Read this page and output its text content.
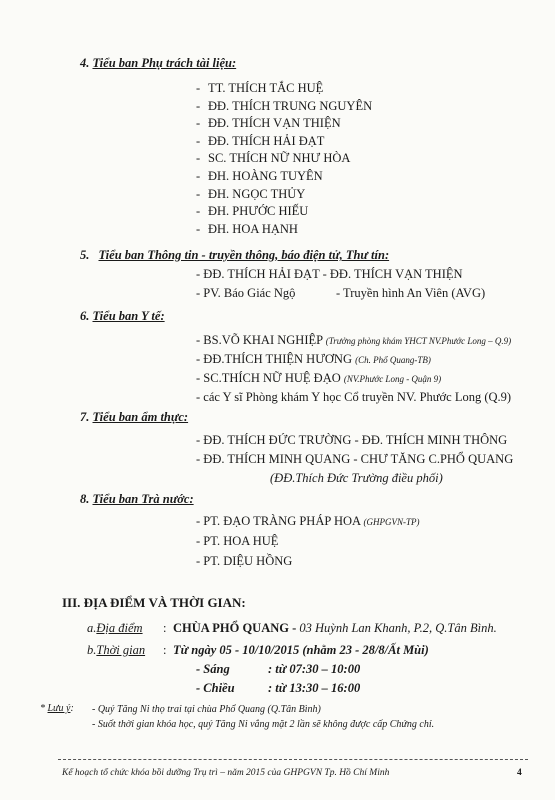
4. Tiểu ban Phụ trách tài liệu:
- TT. THÍCH TẮC HUỆ
- ĐĐ. THÍCH TRUNG NGUYÊN
- ĐĐ. THÍCH VẠN THIỆN
- ĐĐ. THÍCH HẢI ĐẠT
- SC. THÍCH NỮ NHƯ HÒA
- ĐH. HOÀNG TUYÊN
- ĐH. NGỌC THỦY
- ĐH. PHƯỚC HIẾU
- ĐH. HOA HẠNH
5. Tiểu ban Thông tin - truyền thông, báo điện tử, Thư tín:
- ĐĐ. THÍCH HẢI ĐẠT - ĐĐ. THÍCH VẠN THIỆN
- PV. Báo Giác Ngộ	- Truyền hình An Viên (AVG)
6. Tiểu ban Y tế:
- BS.VÕ KHAI NGHIỆP (Trưởng phòng khám YHCT NV.Phước Long – Q.9)
- ĐĐ.THÍCH THIỆN HƯƠNG (Ch. Phổ Quang-TB)
- SC.THÍCH NỮ HUỆ ĐẠO (NV.Phước Long - Quận 9)
- các Y sĩ Phòng khám Y học Cổ truyền NV. Phước Long (Q.9)
7. Tiểu ban ẩm thực:
- ĐĐ. THÍCH ĐỨC TRƯỜNG - ĐĐ. THÍCH MINH THÔNG
- ĐĐ. THÍCH MINH QUANG - CHƯ TĂNG C.PHỔ QUANG
(ĐĐ.Thích Đức Trường điều phối)
8. Tiểu ban Trà nước:
- PT. ĐẠO TRÀNG PHÁP HOA (GHPGVN-TP)
- PT. HOA HUỆ
- PT. DIỆU HỒNG
III. ĐỊA ĐIỂM VÀ THỜI GIAN:
a.Địa điểm : CHÙA PHỔ QUANG - 03 Huỳnh Lan Khanh, P.2, Q.Tân Bình.
b.Thời gian : Từ ngày 05 - 10/10/2015 (nhằm 23 - 28/8/Ất Mùi)
- Sáng	: từ 07:30 – 10:00
- Chiều	: từ 13:30 – 16:00
* Lưu ý: - Quý Tăng Ni thọ trai tại chùa Phổ Quang (Q.Tân Bình)
- Suốt thời gian khóa học, quý Tăng Ni vắng mặt 2 lần sẽ không được cấp Chứng chỉ.
Kế hoạch tổ chức khóa bồi dưỡng Trụ trì – năm 2015 của GHPGVN Tp. Hồ Chí Minh	4
